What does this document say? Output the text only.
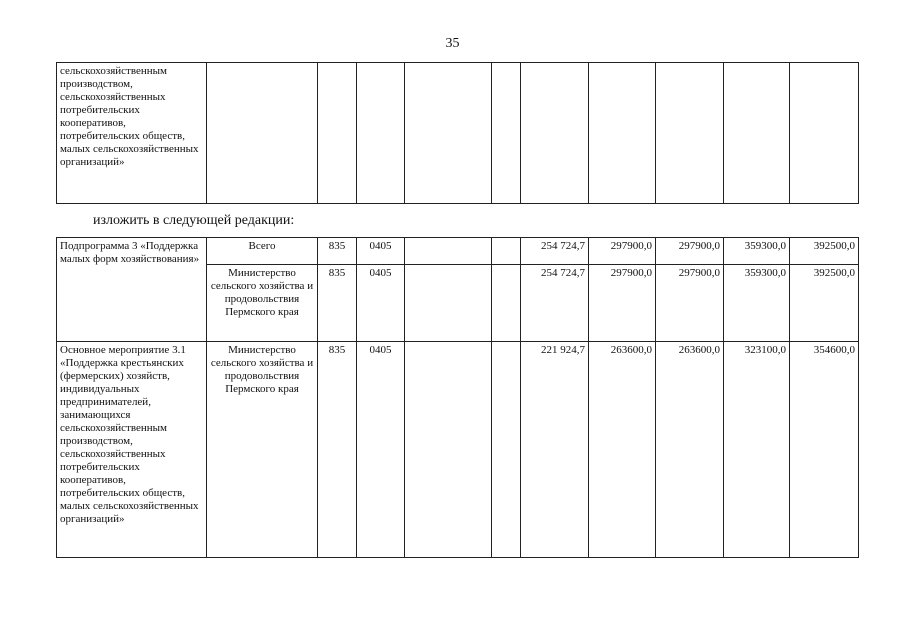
35
сельскохозяйственным производством, сельскохозяйственных потребительских кооперативов, потребительских обществ, малых сельскохозяйственных организаций»										
изложить в следующей редакции:
Подпрограмма 3 «Поддержка малых форм хозяйствования»	Всего	835	0405			254 724,7	297900,0	297900,0	359300,0	392500,0
	Министерство сельского хозяйства и продовольствия Пермского края	835	0405			254 724,7	297900,0	297900,0	359300,0	392500,0
Основное мероприятие 3.1 «Поддержка крестьянских (фермерских) хозяйств, индивидуальных предпринимателей, занимающихся сельскохозяйственным производством, сельскохозяйственных потребительских кооперативов, потребительских обществ, малых сельскохозяйственных организаций»	Министерство сельского хозяйства и продовольствия Пермского края	835	0405			221 924,7	263600,0	263600,0	323100,0	354600,0
